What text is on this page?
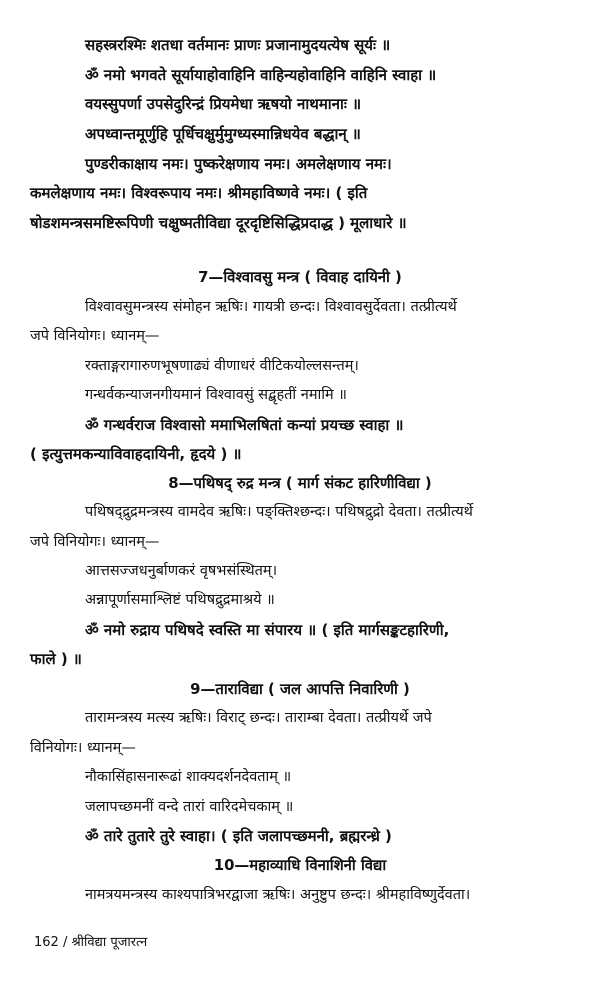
सहस्त्ररश्मिः शतधा वर्तमानः प्राणः प्रजानामुदयत्येष सूर्यः ॥
ॐ नमो भगवते सूर्यायाहोवाहिनि वाहिन्यहोवाहिनि वाहिनि स्वाहा ॥
वयस्सुपर्णा उपसेदुरिन्द्रं प्रियमेधा ऋषयो नाथमानाः ॥
अपध्वान्तमूर्णुहि पूर्धिचक्षुर्मुमुग्ध्यस्मान्निधयेव बद्धान् ॥
पुण्डरीकाक्षाय नमः। पुष्करेक्षणाय नमः। अमलेक्षणाय नमः।
कमलेक्षणाय नमः। विश्वरूपाय नमः। श्रीमहाविष्णवे नमः। ( इति
षोडशमन्त्रसमष्टिरूपिणी चक्षुष्मतीविद्या दूरदृष्टिसिद्धिप्रदाद्ध ) मूलाधारे ॥
7—विश्वावसु मन्त्र ( विवाह दायिनी )
विश्वावसुमन्त्रस्य संमोहन ऋषिः। गायत्री छन्दः। विश्वावसुर्देवता। तत्प्रीत्यर्थे
जपे विनियोगः। ध्यानम्—
रक्ताङ्गरागारुणभूषणाढ्यं वीणाधरं वीटिकयोल्लसन्तम्।
गन्धर्वकन्याजनगीयमानं विश्वावसुं सद्बृहतीं नमामि ॥
ॐ गन्धर्वराज विश्वासो ममाभिलषितां कन्यां प्रयच्छ स्वाहा ॥
( इत्युत्तमकन्याविवाहदायिनी, हृदये ) ॥
8—पथिषद् रुद्र मन्त्र ( मार्ग संकट हारिणीविद्या )
पथिषद्द्रुद्रमन्त्रस्य वामदेव ऋषिः। पङ्क्तिश्छन्दः। पथिषद्रुद्रो देवता। तत्प्रीत्यर्थे
जपे विनियोगः। ध्यानम्—
आत्तसज्जधनुर्बाणकरं वृषभसंस्थितम्।
अन्नापूर्णासमाश्लिष्टं पथिषद्रुद्रमाश्रये ॥
ॐ नमो रुद्राय पथिषदे स्वस्ति मा संपारय ॥ ( इति मार्गसङ्कटहारिणी,
फाले ) ॥
9—ताराविद्या ( जल आपत्ति निवारिणी )
तारामन्त्रस्य मत्स्य ऋषिः। विराट् छन्दः। ताराम्बा देवता। तत्प्रीयर्थे जपे
विनियोगः। ध्यानम्—
नौकासिंहासनारूढां शाक्यदर्शनदेवताम् ॥
जलापच्छमनीं वन्दे तारां वारिदमेचकाम् ॥
ॐ तारे तुतारे तुरे स्वाहा। ( इति जलापच्छमनी, ब्रह्मरन्ध्रे )
10—महाव्याधि विनाशिनी विद्या
नामत्रयमन्त्रस्य काश्यपात्रिभरद्वाजा ऋषिः। अनुष्टुप छन्दः। श्रीमहाविष्णुर्देवता।
162 / श्रीविद्या पूजारत्न
